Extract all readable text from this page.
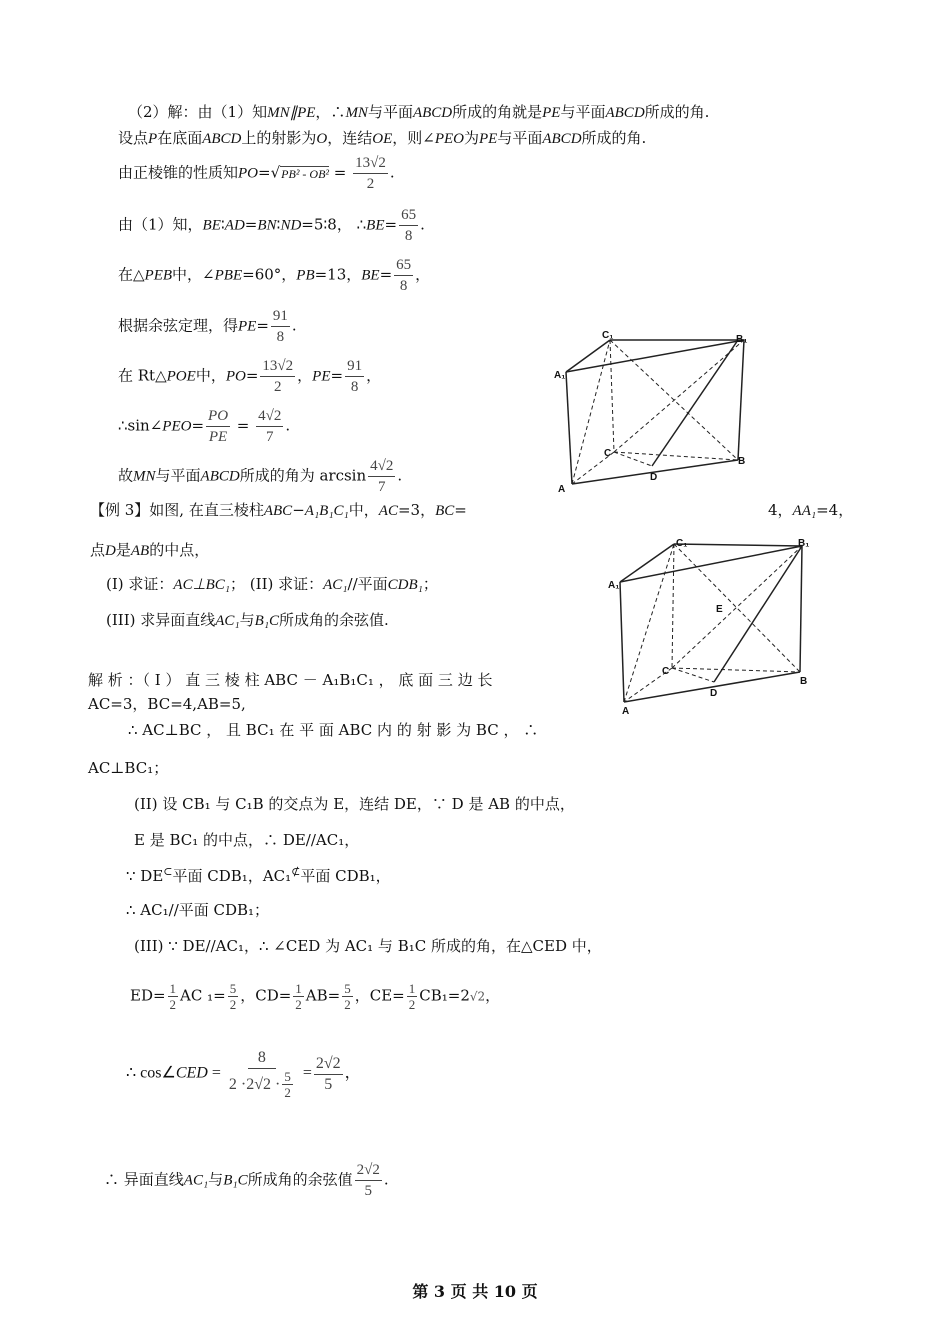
（2）解：由（1）知MN∥PE，∴MN与平面ABCD所成的角就是PE与平面ABCD所成的角.
设点P在底面ABCD上的射影为O，连结OE，则∠PEO为PE与平面ABCD所成的角.
由正棱锥的性质知$PO=√PB^2 - OB^2 = \frac{13√2}{2}$ .
由（1）知，BE∶AD=BN∶ND=5∶8， ∴BE= $\frac{65}{8}$ .
在△PEB中，∠PBE=60°，PB=13，$BE= \frac{65}{8}$ ，
根据余弦定理，得$PE= \frac{91}{8}$ .
在 Rt△POE中，$PO= \frac{13√2}{2}$ ，$PE= \frac{91}{8}$ ，
∴sin∠PEO= $\frac{PO}{PE} = \frac{4√2}{7}$ .
故MN与平面ABCD所成的角为 $\arcsin \frac{4√2}{7}$ .
C₁	B₁
A₁
C
B
A
D
【例 3】如图, 在直三棱柱ABC−A₁B₁C₁中，AC=3，BC=	4，AA₁=4，
点D是AB的中点，
(I) 求证：AC⊥BC₁； (II) 求证：AC₁//平面CDB₁；
(III) 求异面直线AC₁与B₁C所成角的余弦值.
C₁	B₁
A₁
E
C
B
A
D
解 析 ：（ I ） 直 三 棱 柱 ABC － A₁B₁C₁ ， 底 面 三 边 长
AC=3，BC=4,AB=5,
∴ AC⊥BC ， 且 BC₁ 在 平 面 ABC 内 的 射 影 为 BC ， ∴
AC⊥BC₁；
(II) 设 CB₁ 与 C₁B 的交点为 E，连结 DE，∵ D 是 AB 的中点，
E 是 BC₁ 的中点，∴ DE//AC₁，
∵ DE⊂平面 CDB₁，AC₁⊄平面 CDB₁，
∴ AC₁//平面 CDB₁；
(III) ∵ DE//AC₁，∴ ∠CED 为 AC₁ 与 B₁C 所成的角，在△CED 中，
$ED= \frac{1}{2}$ AC $_1= \frac{5}{2}$ ，$CD= \frac{1}{2} AB= \frac{5}{2}$ ，$CE= \frac{1}{2} CB_1=2√2$，
∴ cos∠CED = $\frac{8}{2 \cdot 2√2 \cdot \frac{5}{2}} = \frac{2√2}{5}$ ，
∴ 异面直线AC₁与B₁C所成角的余弦值 $\frac{2√2}{5}$ .
第 3 页 共 10 页
